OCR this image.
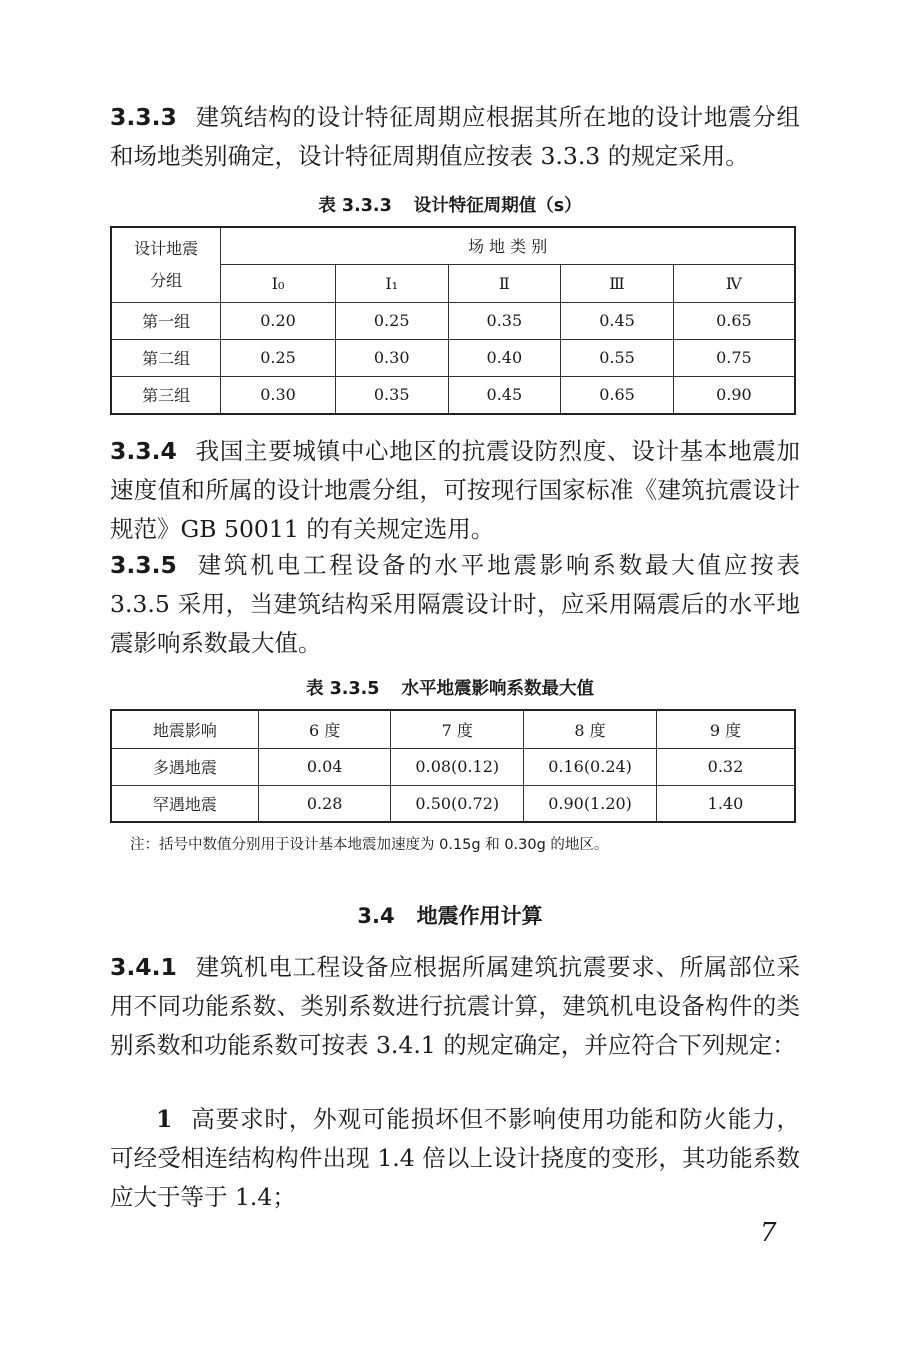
3.3.3 建筑结构的设计特征周期应根据其所在地的设计地震分组和场地类别确定，设计特征周期值应按表 3.3.3 的规定采用。

表 3.3.3 设计特征周期值（s）
设计地震分组	场 地 类 别				
	I₀	I₁	Ⅱ	Ⅲ	Ⅳ
第一组	0.20	0.25	0.35	0.45	0.65
第二组	0.25	0.30	0.40	0.55	0.75
第三组	0.30	0.35	0.45	0.65	0.90

3.3.4 我国主要城镇中心地区的抗震设防烈度、设计基本地震加速度值和所属的设计地震分组，可按现行国家标准《建筑抗震设计规范》GB 50011 的有关规定选用。

3.3.5 建筑机电工程设备的水平地震影响系数最大值应按表 3.3.5 采用，当建筑结构采用隔震设计时，应采用隔震后的水平地震影响系数最大值。

表 3.3.5 水平地震影响系数最大值
地震影响	6 度	7 度	8 度	9 度
多遇地震	0.04	0.08(0.12)	0.16(0.24)	0.32
罕遇地震	0.28	0.50(0.72)	0.90(1.20)	1.40
注：括号中数值分别用于设计基本地震加速度为 0.15g 和 0.30g 的地区。
3.4 地震作用计算

3.4.1 建筑机电工程设备应根据所属建筑抗震要求、所属部位采用不同功能系数、类别系数进行抗震计算，建筑机电设备构件的类别系数和功能系数可按表 3.4.1 的规定确定，并应符合下列规定：

1 高要求时，外观可能损坏但不影响使用功能和防火能力，可经受相连结构构件出现 1.4 倍以上设计挠度的变形，其功能系数应大于等于 1.4；

7
